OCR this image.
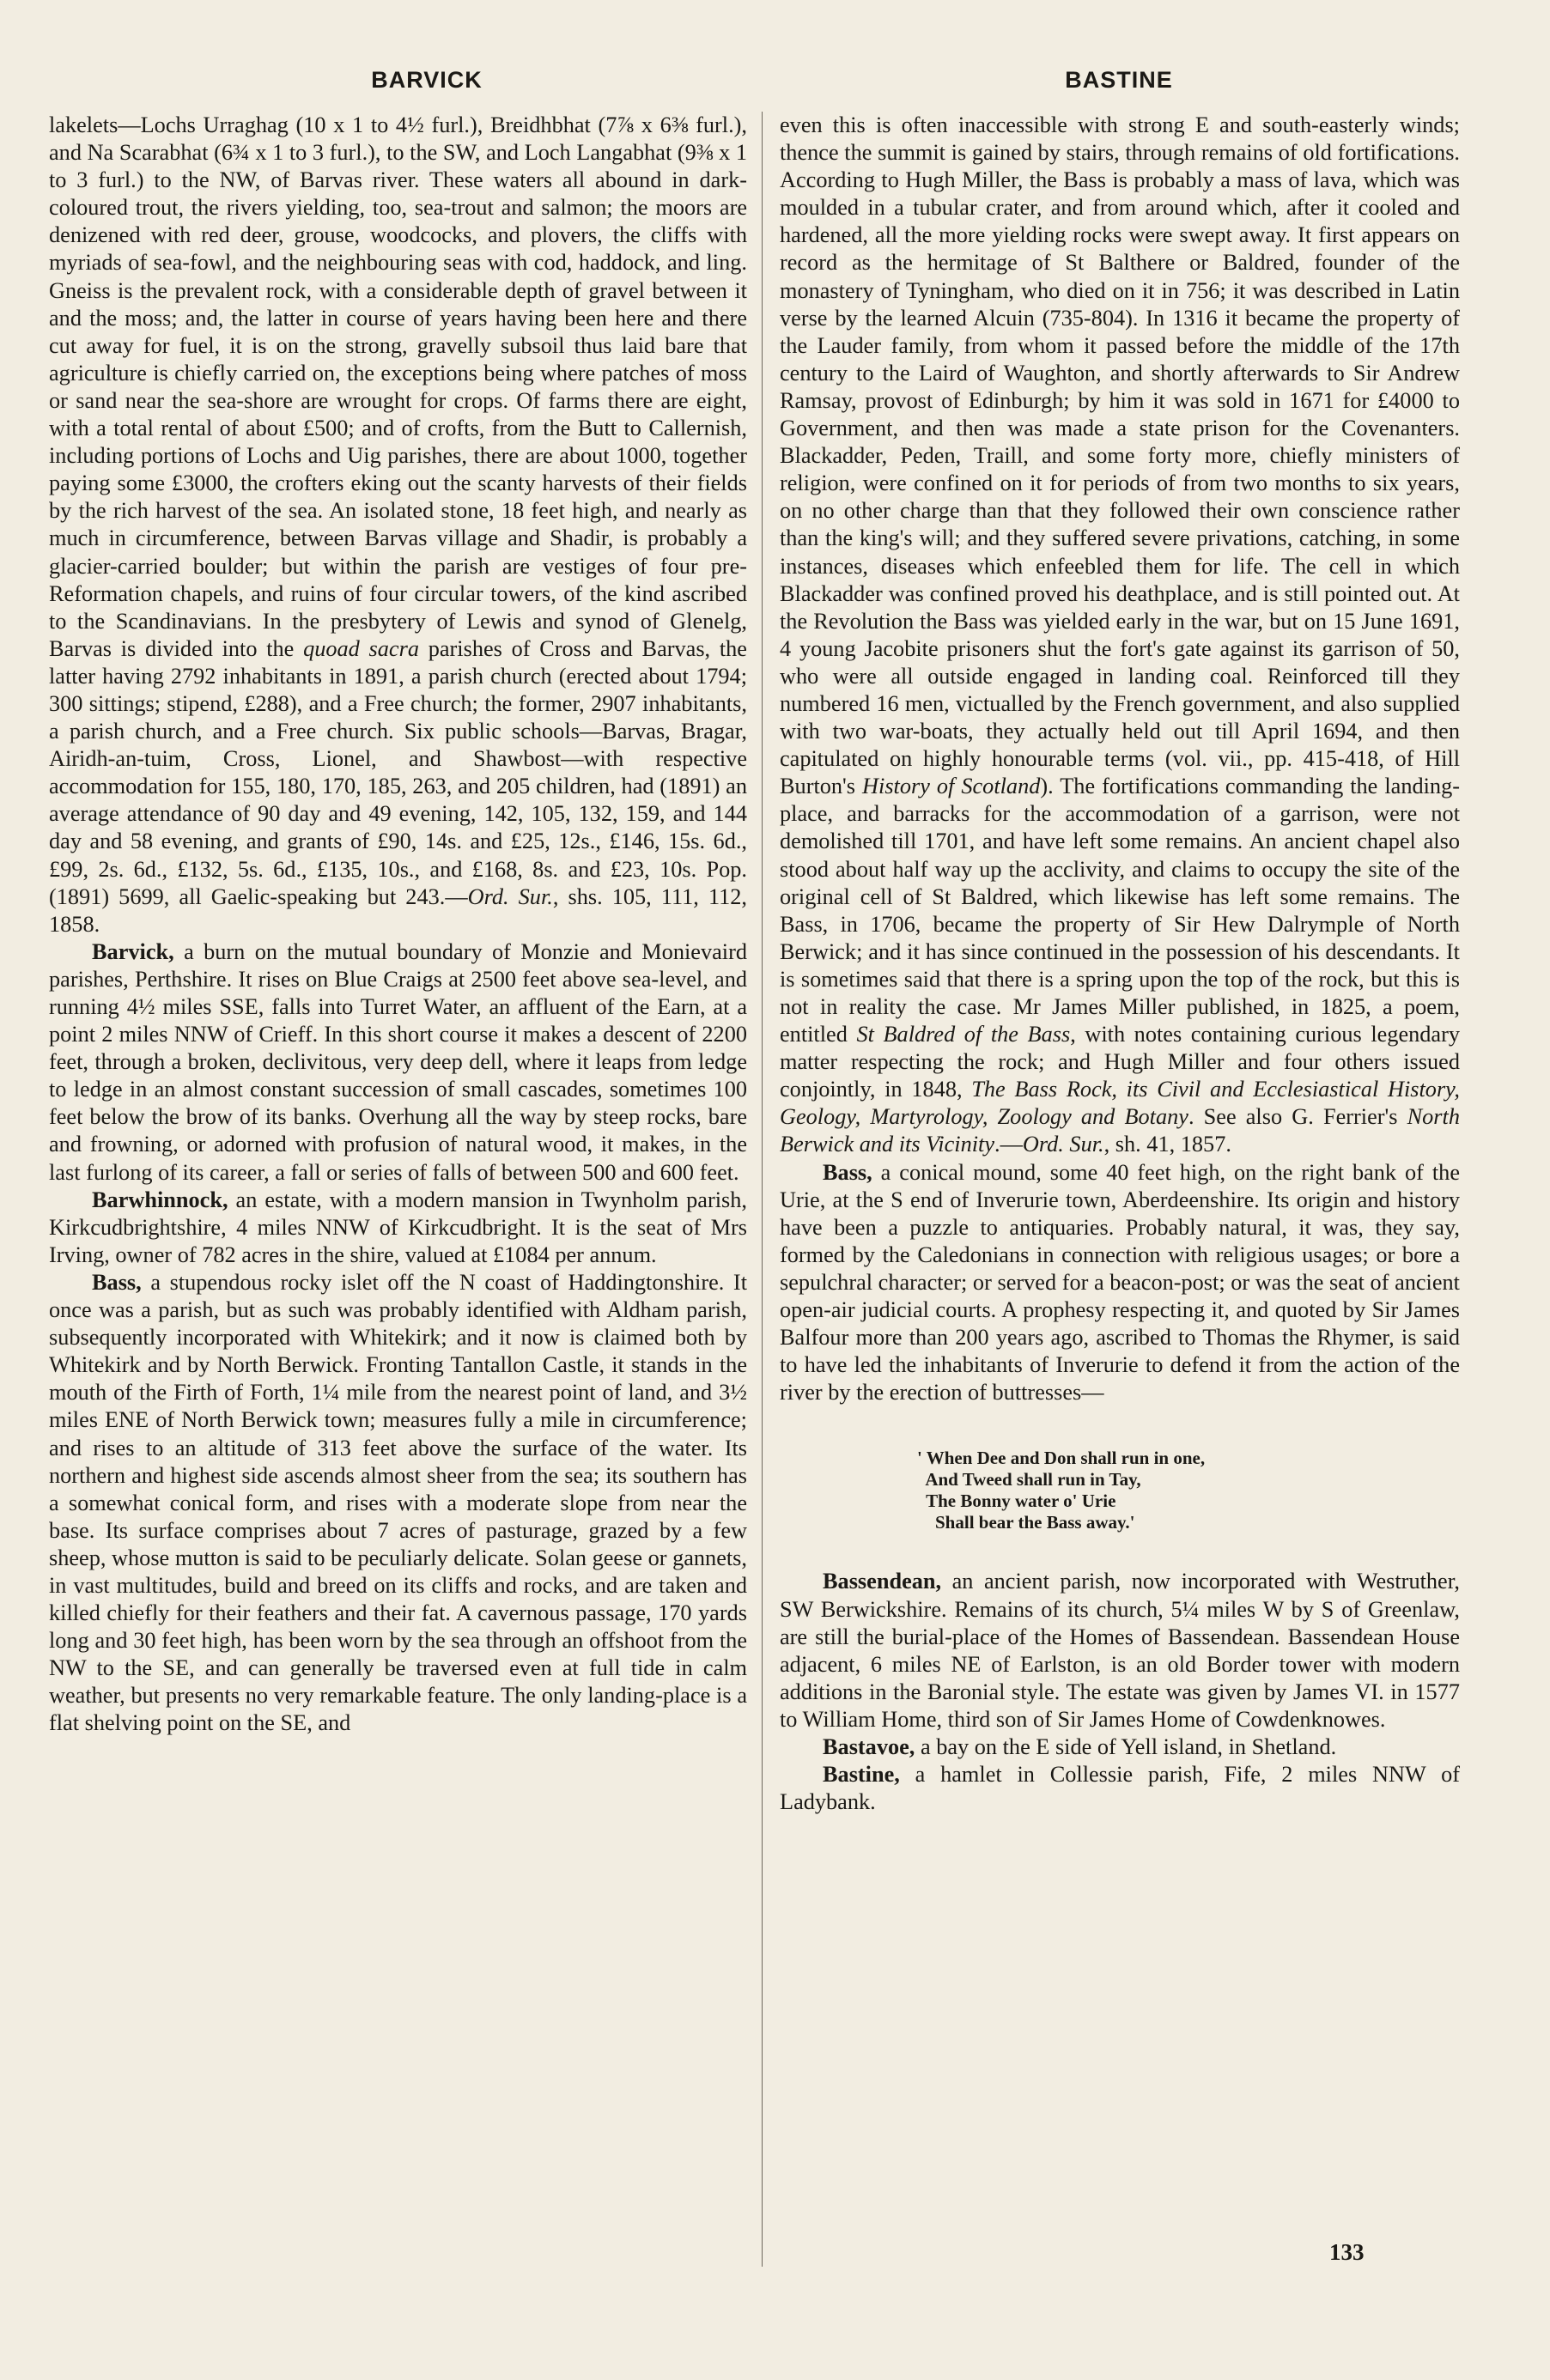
BARVICK	BASTINE

lakelets—Lochs Urraghag (10 x 1 to 4½ furl.), Breidhbhat (7⅞ x 6⅜ furl.), and Na Scarabhat (6¾ x 1 to 3 furl.), to the SW, and Loch Langabhat (9⅜ x 1 to 3 furl.) to the NW, of Barvas river. These waters all abound in dark-coloured trout, the rivers yielding, too, sea-trout and salmon; the moors are denizened with red deer, grouse, woodcocks, and plovers, the cliffs with myriads of sea-fowl, and the neighbouring seas with cod, haddock, and ling. Gneiss is the prevalent rock, with a considerable depth of gravel between it and the moss; and, the latter in course of years having been here and there cut away for fuel, it is on the strong, gravelly subsoil thus laid bare that agriculture is chiefly carried on, the exceptions being where patches of moss or sand near the sea-shore are wrought for crops. Of farms there are eight, with a total rental of about £500; and of crofts, from the Butt to Callernish, including portions of Lochs and Uig parishes, there are about 1000, together paying some £3000, the crofters eking out the scanty harvests of their fields by the rich harvest of the sea. An isolated stone, 18 feet high, and nearly as much in circumference, between Barvas village and Shadir, is probably a glacier-carried boulder; but within the parish are vestiges of four pre-Reformation chapels, and ruins of four circular towers, of the kind ascribed to the Scandinavians. In the presbytery of Lewis and synod of Glenelg, Barvas is divided into the quoad sacra parishes of Cross and Barvas, the latter having 2792 inhabitants in 1891, a parish church (erected about 1794; 300 sittings; stipend, £288), and a Free church; the former, 2907 inhabitants, a parish church, and a Free church. Six public schools—Barvas, Bragar, Airidh-an-tuim, Cross, Lionel, and Shawbost—with respective accommodation for 155, 180, 170, 185, 263, and 205 children, had (1891) an average attendance of 90 day and 49 evening, 142, 105, 132, 159, and 144 day and 58 evening, and grants of £90, 14s. and £25, 12s., £146, 15s. 6d., £99, 2s. 6d., £132, 5s. 6d., £135, 10s., and £168, 8s. and £23, 10s. Pop. (1891) 5699, all Gaelic-speaking but 243.—Ord. Sur., shs. 105, 111, 112, 1858.

Barvick, a burn on the mutual boundary of Monzie and Monievaird parishes, Perthshire. It rises on Blue Craigs at 2500 feet above sea-level, and running 4½ miles SSE, falls into Turret Water, an affluent of the Earn, at a point 2 miles NNW of Crieff. In this short course it makes a descent of 2200 feet, through a broken, declivitous, very deep dell, where it leaps from ledge to ledge in an almost constant succession of small cascades, sometimes 100 feet below the brow of its banks. Overhung all the way by steep rocks, bare and frowning, or adorned with profusion of natural wood, it makes, in the last furlong of its career, a fall or series of falls of between 500 and 600 feet.

Barwhinnock, an estate, with a modern mansion in Twynholm parish, Kirkcudbrightshire, 4 miles NNW of Kirkcudbright. It is the seat of Mrs Irving, owner of 782 acres in the shire, valued at £1084 per annum.

Bass, a stupendous rocky islet off the N coast of Haddingtonshire. It once was a parish, but as such was probably identified with Aldham parish, subsequently incorporated with Whitekirk; and it now is claimed both by Whitekirk and by North Berwick. Fronting Tantallon Castle, it stands in the mouth of the Firth of Forth, 1¼ mile from the nearest point of land, and 3½ miles ENE of North Berwick town; measures fully a mile in circumference; and rises to an altitude of 313 feet above the surface of the water. Its northern and highest side ascends almost sheer from the sea; its southern has a somewhat conical form, and rises with a moderate slope from near the base. Its surface comprises about 7 acres of pasturage, grazed by a few sheep, whose mutton is said to be peculiarly delicate. Solan geese or gannets, in vast multitudes, build and breed on its cliffs and rocks, and are taken and killed chiefly for their feathers and their fat. A cavernous passage, 170 yards long and 30 feet high, has been worn by the sea through an offshoot from the NW to the SE, and can generally be traversed even at full tide in calm weather, but presents no very remarkable feature. The only landing-place is a flat shelving point on the SE, and

even this is often inaccessible with strong E and south-easterly winds; thence the summit is gained by stairs, through remains of old fortifications. According to Hugh Miller, the Bass is probably a mass of lava, which was moulded in a tubular crater, and from around which, after it cooled and hardened, all the more yielding rocks were swept away. It first appears on record as the hermitage of St Balthere or Baldred, founder of the monastery of Tyningham, who died on it in 756; it was described in Latin verse by the learned Alcuin (735-804). In 1316 it became the property of the Lauder family, from whom it passed before the middle of the 17th century to the Laird of Waughton, and shortly afterwards to Sir Andrew Ramsay, provost of Edinburgh; by him it was sold in 1671 for £4000 to Government, and then was made a state prison for the Covenanters. Blackadder, Peden, Traill, and some forty more, chiefly ministers of religion, were confined on it for periods of from two months to six years, on no other charge than that they followed their own conscience rather than the king's will; and they suffered severe privations, catching, in some instances, diseases which enfeebled them for life. The cell in which Blackadder was confined proved his deathplace, and is still pointed out. At the Revolution the Bass was yielded early in the war, but on 15 June 1691, 4 young Jacobite prisoners shut the fort's gate against its garrison of 50, who were all outside engaged in landing coal. Reinforced till they numbered 16 men, victualled by the French government, and also supplied with two war-boats, they actually held out till April 1694, and then capitulated on highly honourable terms (vol. vii., pp. 415-418, of Hill Burton's History of Scotland). The fortifications commanding the landing-place, and barracks for the accommodation of a garrison, were not demolished till 1701, and have left some remains. An ancient chapel also stood about half way up the acclivity, and claims to occupy the site of the original cell of St Baldred, which likewise has left some remains. The Bass, in 1706, became the property of Sir Hew Dalrymple of North Berwick; and it has since continued in the possession of his descendants. It is sometimes said that there is a spring upon the top of the rock, but this is not in reality the case. Mr James Miller published, in 1825, a poem, entitled St Baldred of the Bass, with notes containing curious legendary matter respecting the rock; and Hugh Miller and four others issued conjointly, in 1848, The Bass Rock, its Civil and Ecclesiastical History, Geology, Martyrology, Zoology and Botany. See also G. Ferrier's North Berwick and its Vicinity.—Ord. Sur., sh. 41, 1857.

Bass, a conical mound, some 40 feet high, on the right bank of the Urie, at the S end of Inverurie town, Aberdeenshire. Its origin and history have been a puzzle to antiquaries. Probably natural, it was, they say, formed by the Caledonians in connection with religious usages; or bore a sepulchral character; or served for a beacon-post; or was the seat of ancient open-air judicial courts. A prophesy respecting it, and quoted by Sir James Balfour more than 200 years ago, ascribed to Thomas the Rhymer, is said to have led the inhabitants of Inverurie to defend it from the action of the river by the erection of buttresses—

' When Dee and Don shall run in one,
And Tweed shall run in Tay,
The Bonny water o' Urie
Shall bear the Bass away.'

Bassendean, an ancient parish, now incorporated with Westruther, SW Berwickshire. Remains of its church, 5¼ miles W by S of Greenlaw, are still the burial-place of the Homes of Bassendean. Bassendean House adjacent, 6 miles NE of Earlston, is an old Border tower with modern additions in the Baronial style. The estate was given by James VI. in 1577 to William Home, third son of Sir James Home of Cowdenknowes.

Bastavoe, a bay on the E side of Yell island, in Shetland.

Bastine, a hamlet in Collessie parish, Fife, 2 miles NNW of Ladybank.

133
